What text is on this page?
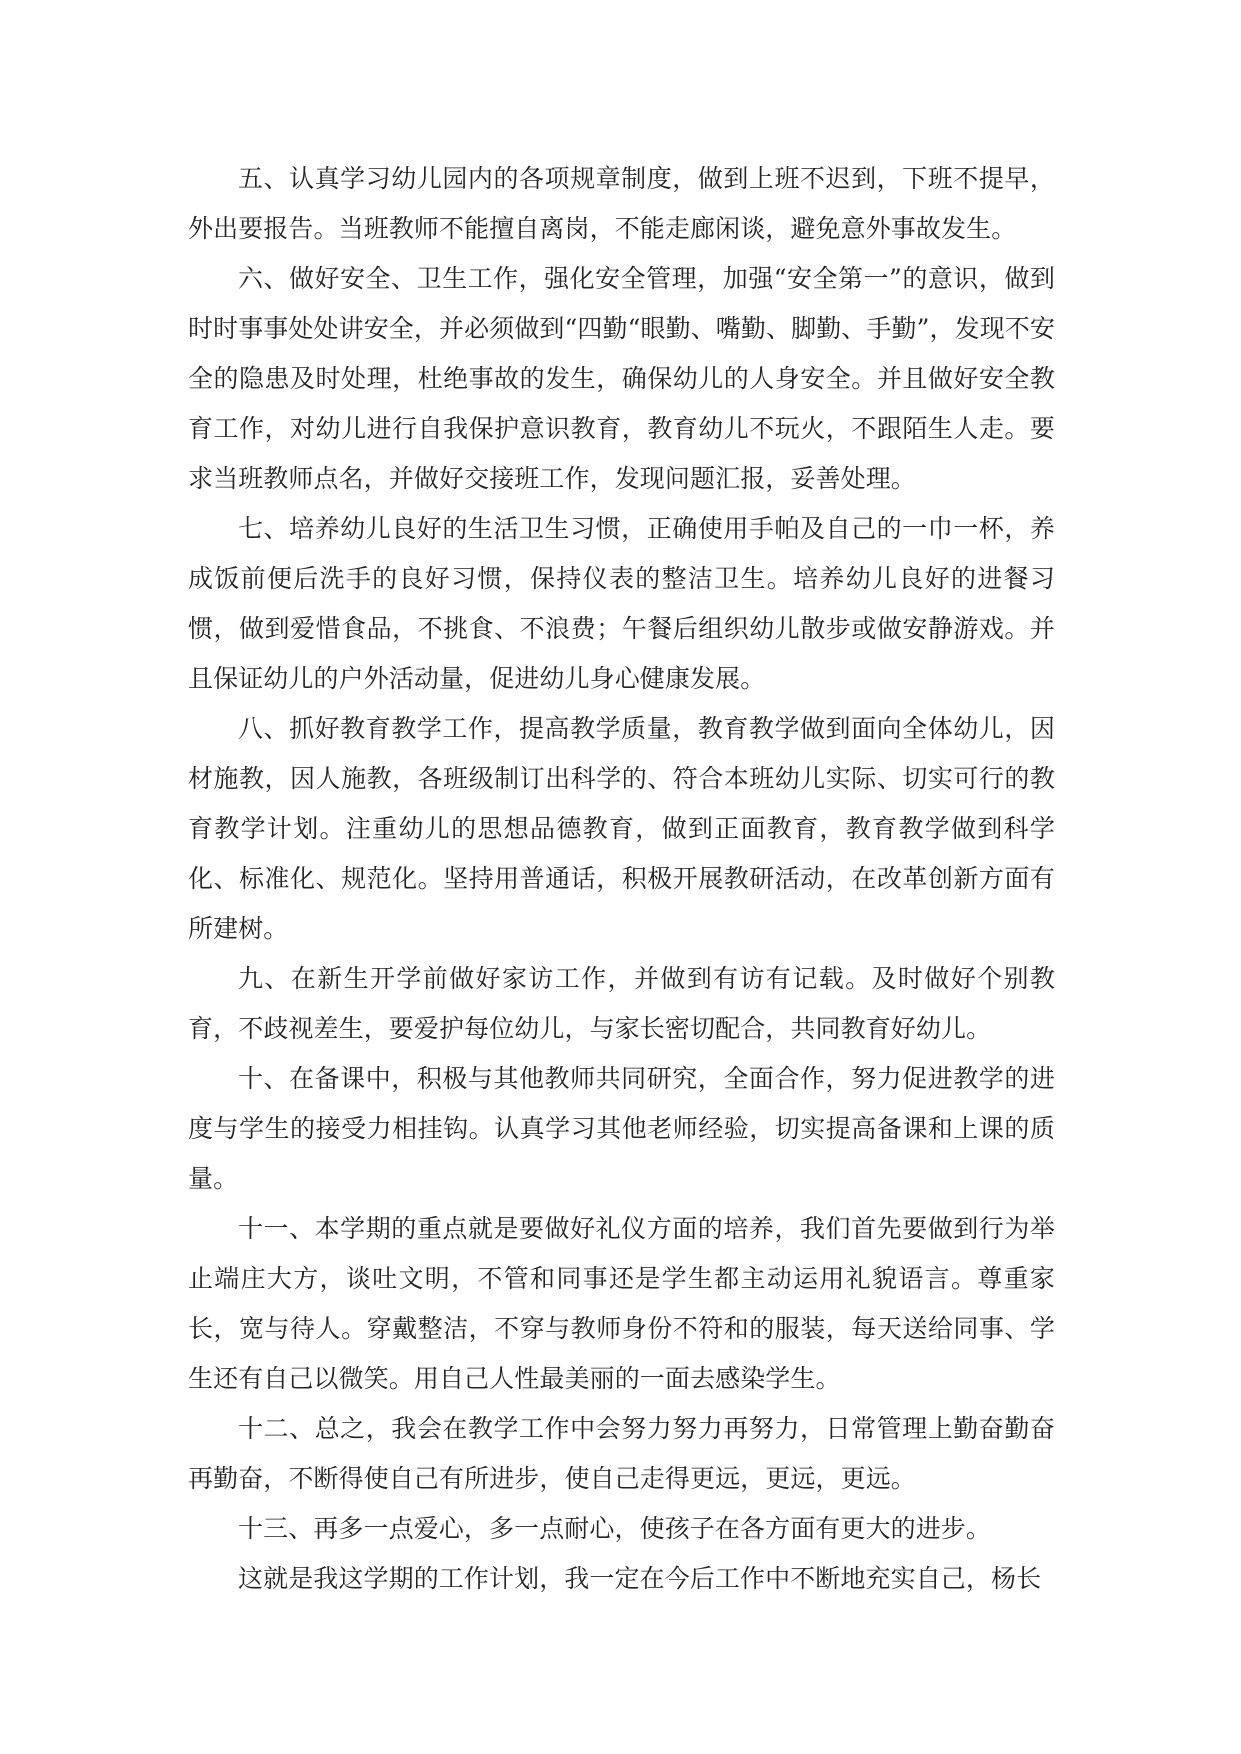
五、认真学习幼儿园内的各项规章制度，做到上班不迟到，下班不提早，外出要报告。当班教师不能擅自离岗，不能走廊闲谈，避免意外事故发生。

六、做好安全、卫生工作，强化安全管理，加强“安全第一”的意识，做到时时事事处处讲安全，并必须做到“四勤“眼勤、嘴勤、脚勤、手勤”，发现不安全的隐患及时处理，杜绝事故的发生，确保幼儿的人身安全。并且做好安全教育工作，对幼儿进行自我保护意识教育，教育幼儿不玩火，不跟陌生人走。要求当班教师点名，并做好交接班工作，发现问题汇报，妥善处理。

七、培养幼儿良好的生活卫生习惯，正确使用手帕及自己的一巾一杯，养成饭前便后洗手的良好习惯，保持仪表的整洁卫生。培养幼儿良好的进餐习惯，做到爱惜食品，不挑食、不浪费；午餐后组织幼儿散步或做安静游戏。并且保证幼儿的户外活动量，促进幼儿身心健康发展。

八、抓好教育教学工作，提高教学质量，教育教学做到面向全体幼儿，因材施教，因人施教，各班级制订出科学的、符合本班幼儿实际、切实可行的教育教学计划。注重幼儿的思想品德教育，做到正面教育，教育教学做到科学化、标准化、规范化。坚持用普通话，积极开展教研活动，在改革创新方面有所建树。

九、在新生开学前做好家访工作，并做到有访有记载。及时做好个别教育，不歧视差生，要爱护每位幼儿，与家长密切配合，共同教育好幼儿。

十、在备课中，积极与其他教师共同研究，全面合作，努力促进教学的进度与学生的接受力相挂钩。认真学习其他老师经验，切实提高备课和上课的质量。

十一、本学期的重点就是要做好礼仪方面的培养，我们首先要做到行为举止端庄大方，谈吐文明，不管和同事还是学生都主动运用礼貌语言。尊重家长，宽与待人。穿戴整洁，不穿与教师身份不符和的服装，每天送给同事、学生还有自己以微笑。用自己人性最美丽的一面去感染学生。

十二、总之，我会在教学工作中会努力努力再努力，日常管理上勤奋勤奋再勤奋，不断得使自己有所进步，使自己走得更远，更远，更远。

十三、再多一点爱心，多一点耐心，使孩子在各方面有更大的进步。

这就是我这学期的工作计划，我一定在今后工作中不断地充实自己，杨长
